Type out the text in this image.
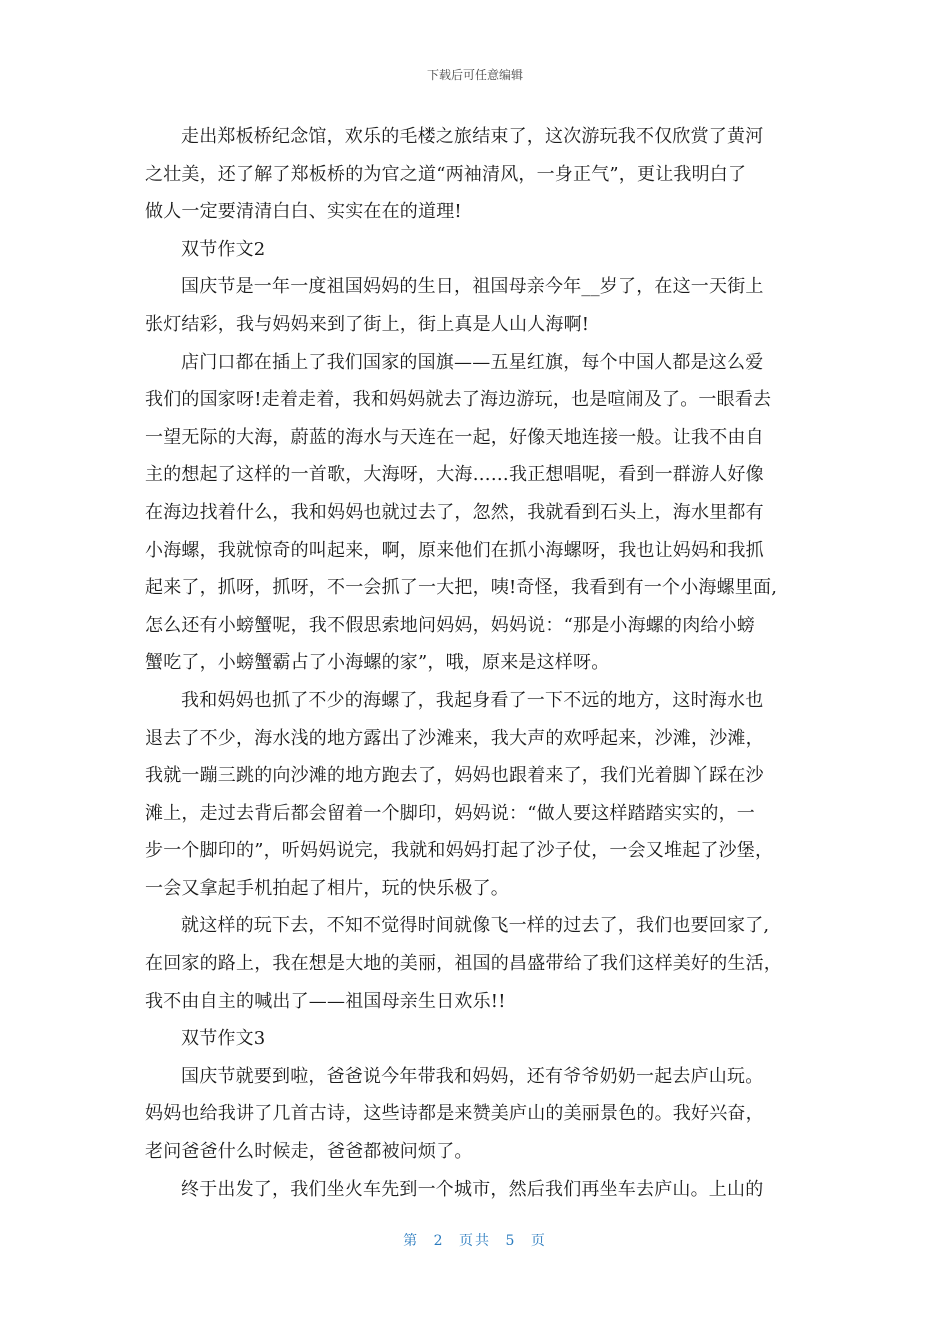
下载后可任意编辑
走出郑板桥纪念馆，欢乐的毛楼之旅结束了，这次游玩我不仅欣赏了黄河
之壮美，还了解了郑板桥的为官之道“两袖清风，一身正气”，更让我明白了
做人一定要清清白白、实实在在的道理!
双节作文2
国庆节是一年一度祖国妈妈的生日，祖国母亲今年__岁了，在这一天街上
张灯结彩，我与妈妈来到了街上，街上真是人山人海啊!
店门口都在插上了我们国家的国旗——五星红旗，每个中国人都是这么爱
我们的国家呀!走着走着，我和妈妈就去了海边游玩，也是喧闹及了。一眼看去
一望无际的大海，蔚蓝的海水与天连在一起，好像天地连接一般。让我不由自
主的想起了这样的一首歌，大海呀，大海……我正想唱呢，看到一群游人好像
在海边找着什么，我和妈妈也就过去了，忽然，我就看到石头上，海水里都有
小海螺，我就惊奇的叫起来，啊，原来他们在抓小海螺呀，我也让妈妈和我抓
起来了，抓呀，抓呀，不一会抓了一大把，咦!奇怪，我看到有一个小海螺里面,
怎么还有小螃蟹呢，我不假思索地问妈妈，妈妈说：“那是小海螺的肉给小螃
蟹吃了，小螃蟹霸占了小海螺的家”，哦，原来是这样呀。
我和妈妈也抓了不少的海螺了，我起身看了一下不远的地方，这时海水也
退去了不少，海水浅的地方露出了沙滩来，我大声的欢呼起来，沙滩，沙滩，
我就一蹦三跳的向沙滩的地方跑去了，妈妈也跟着来了，我们光着脚丫踩在沙
滩上，走过去背后都会留着一个脚印，妈妈说：“做人要这样踏踏实实的，一
步一个脚印的”，听妈妈说完，我就和妈妈打起了沙子仗，一会又堆起了沙堡，
一会又拿起手机拍起了相片，玩的快乐极了。
就这样的玩下去，不知不觉得时间就像飞一样的过去了，我们也要回家了,
在回家的路上，我在想是大地的美丽，祖国的昌盛带给了我们这样美好的生活，
我不由自主的喊出了——祖国母亲生日欢乐!!
双节作文3
国庆节就要到啦，爸爸说今年带我和妈妈，还有爷爷奶奶一起去庐山玩。
妈妈也给我讲了几首古诗，这些诗都是来赞美庐山的美丽景色的。我好兴奋，
老问爸爸什么时候走，爸爸都被问烦了。
终于出发了，我们坐火车先到一个城市，然后我们再坐车去庐山。上山的
第 2 页共 5 页
